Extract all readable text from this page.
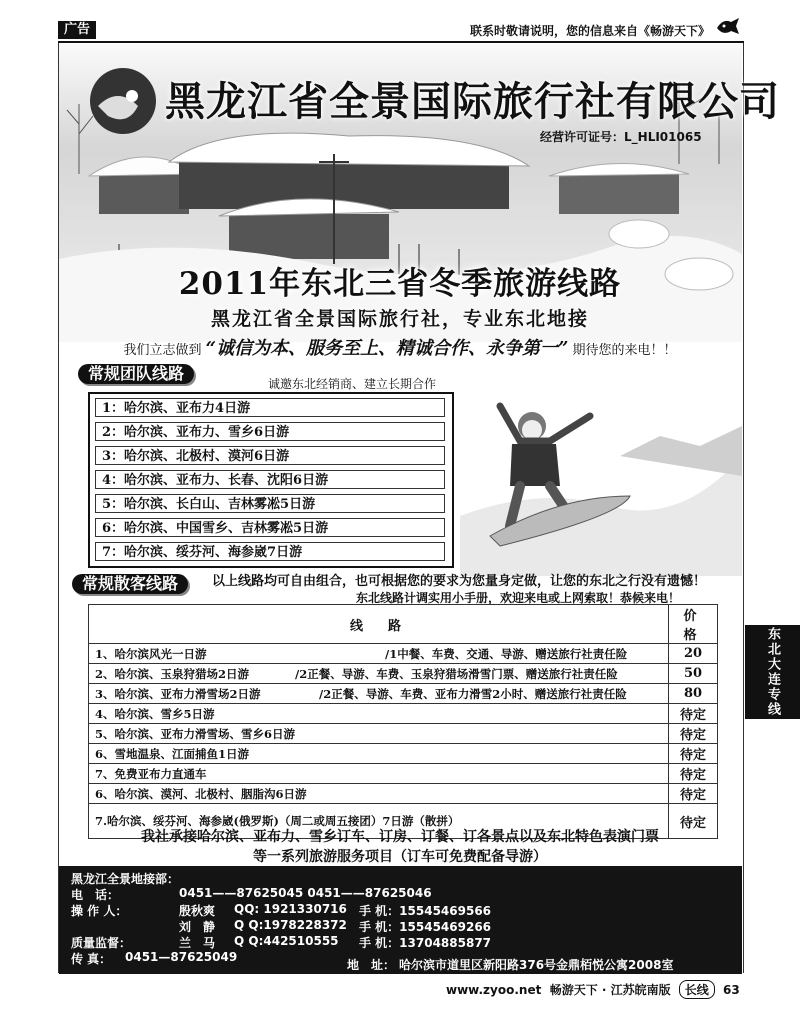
广告	联系时敬请说明，您的信息来自《畅游天下》
黑龙江省全景国际旅行社有限公司
经营许可证号：L_HLI01065
2011年东北三省冬季旅游线路
黑龙江省全景国际旅行社，专业东北地接
我们立志做到 “诚信为本、服务至上、精诚合作、永争第一” 期待您的来电！！
常规团队线路
诚邀东北经销商、建立长期合作
1：哈尔滨、亚布力4日游
2：哈尔滨、亚布力、雪乡6日游
3：哈尔滨、北极村、漠河6日游
4：哈尔滨、亚布力、长春、沈阳6日游
5：哈尔滨、长白山、吉林雾凇5日游
6：哈尔滨、中国雪乡、吉林雾凇5日游
7：哈尔滨、绥芬河、海参崴7日游
常规散客线路	以上线路均可自由组合，也可根据您的要求为您量身定做，让您的东北之行没有遗憾！
东北线路计调实用小手册，欢迎来电或上网索取！恭候来电！
线　路	价格
1、哈尔滨风光一日游 /1中餐、车费、交通、导游、赠送旅行社责任险	20
2、哈尔滨、玉泉狩猎场2日游 /2正餐、导游、车费、玉泉狩猎场滑雪门票、赠送旅行社责任险	50
3、哈尔滨、亚布力滑雪场2日游 /2正餐、导游、车费、亚布力滑雪2小时、赠送旅行社责任险	80
4、哈尔滨、雪乡5日游	待定
5、哈尔滨、亚布力滑雪场、雪乡6日游	待定
6、雪地温泉、江面捕鱼1日游	待定
7、免费亚布力直通车	待定
6、哈尔滨、漠河、北极村、胭脂沟6日游	待定
7.哈尔滨、绥芬河、海参崴(俄罗斯)（周二或周五接团）7日游（散拼）	待定
我社承接哈尔滨、亚布力、雪乡订车、订房、订餐、订各景点以及东北特色表演门票
等一系列旅游服务项目（订车可免费配备导游）
黑龙江全景地接部：
电　话：	0451——87625045 0451——87625046
操 作 人：	殷秋爽 QQ: 1921330716 手 机：15545469566
刘　静 Q Q:1978228372 手 机：15545469266
质量监督：	兰　马 Q Q:442510555 手 机：13704885877
传 真： 0451—87625049
地　址： 哈尔滨市道里区新阳路376号金鼎栢悦公寓2008室
东北大连专线
www.zyoo.net 畅游天下 · 江苏皖南版 长线 63
